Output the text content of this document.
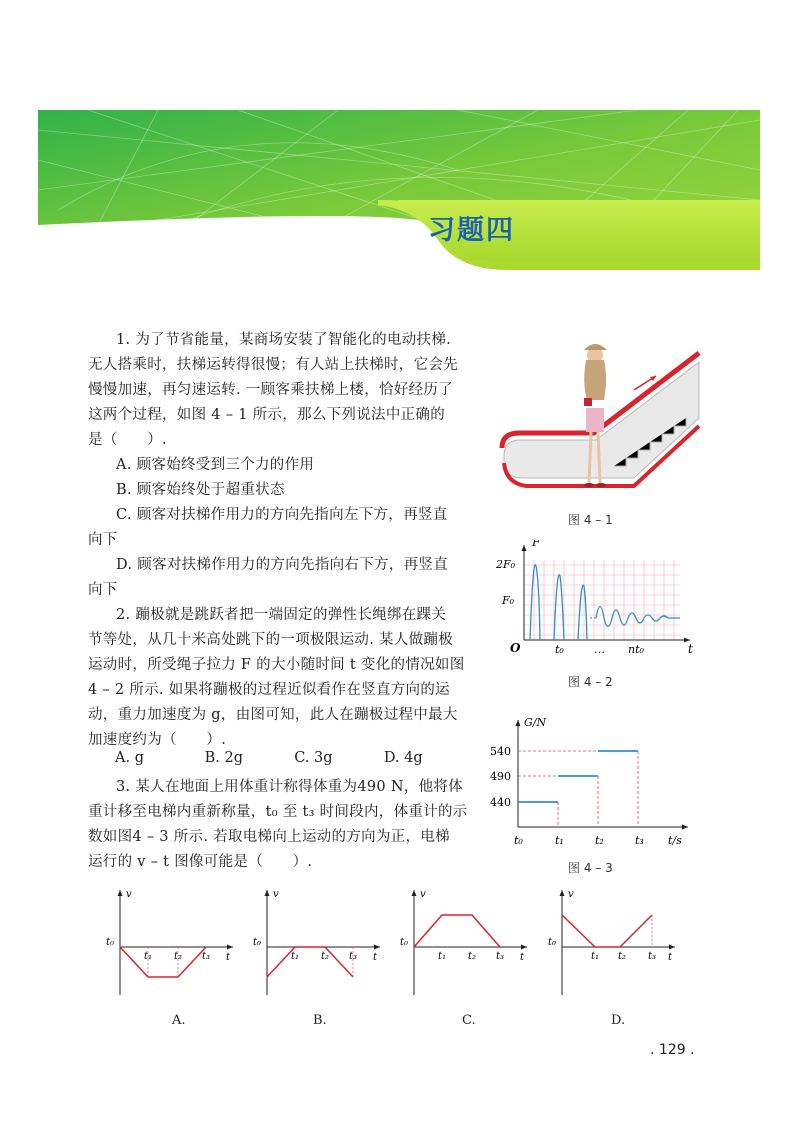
习题四
1. 为了节省能量，某商场安装了智能化的电动扶梯.
无人搭乘时，扶梯运转得很慢；有人站上扶梯时，它会先
慢慢加速，再匀速运转. 一顾客乘扶梯上楼，恰好经历了
这两个过程，如图 4 – 1 所示，那么下列说法中正确的
是（　　）.
A. 顾客始终受到三个力的作用
B. 顾客始终处于超重状态
C. 顾客对扶梯作用力的方向先指向左下方，再竖直
向下
D. 顾客对扶梯作用力的方向先指向右下方，再竖直
向下
2. 蹦极就是跳跃者把一端固定的弹性长绳绑在踝关
节等处，从几十米高处跳下的一项极限运动. 某人做蹦极
运动时，所受绳子拉力 F 的大小随时间 t 变化的情况如图
4 – 2 所示. 如果将蹦极的过程近似看作在竖直方向的运
动，重力加速度为 g，由图可知，此人在蹦极过程中最大
加速度约为（　　）.
A. g	B. 2g	C. 3g	D. 4g
3. 某人在地面上用体重计称得体重为490 N，他将体
重计移至电梯内重新称量，t₀ 至 t₃ 时间段内，体重计的示
数如图4 – 3 所示. 若取电梯向上运动的方向为正，电梯
运行的 v – t 图像可能是（　　）.
图 4 – 1
F
2F₀
F₀
O	t₀	… nt₀	t
图 4 – 2
G/N
540
490
440
t₀	t₁	t₂	t₃ t/s
图 4 – 3
v
t
t₀
t₁ t₂ t₃
v
t
t₀
t₁ t₂ t₃
v
t
t₀
t₁ t₂ t₃
v
t
t₀
t₁ t₂ t₃
A.	B.	C.	D.
. 129 .
